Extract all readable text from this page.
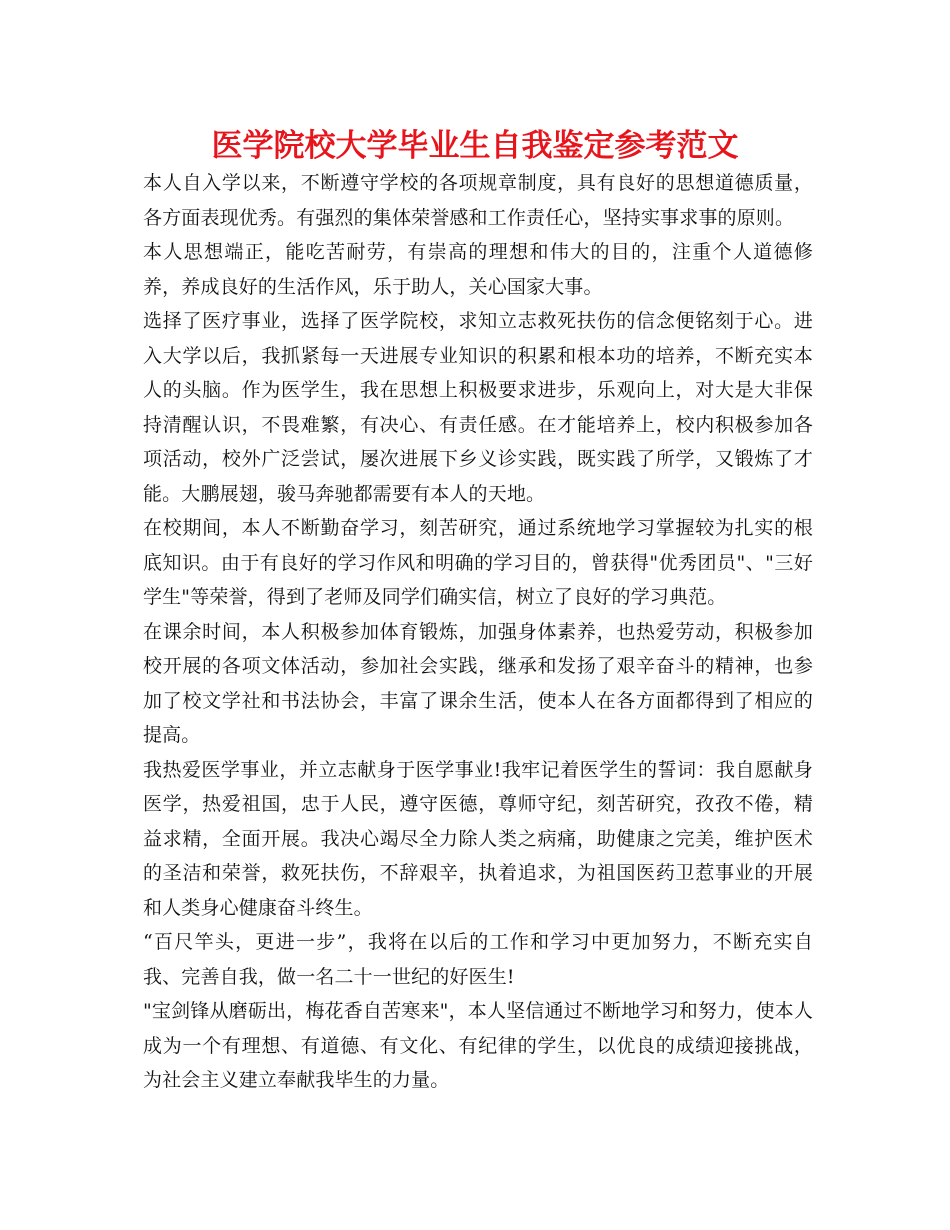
医学院校大学毕业生自我鉴定参考范文

本人自入学以来，不断遵守学校的各项规章制度，具有良好的思想道德质量，各方面表现优秀。有强烈的集体荣誉感和工作责任心，坚持实事求事的原则。

本人思想端正，能吃苦耐劳，有崇高的理想和伟大的目的，注重个人道德修养，养成良好的生活作风，乐于助人，关心国家大事。

选择了医疗事业，选择了医学院校，求知立志救死扶伤的信念便铭刻于心。进入大学以后，我抓紧每一天进展专业知识的积累和根本功的培养，不断充实本人的头脑。作为医学生，我在思想上积极要求进步，乐观向上，对大是大非保持清醒认识，不畏难繁，有决心、有责任感。在才能培养上，校内积极参加各项活动，校外广泛尝试，屡次进展下乡义诊实践，既实践了所学，又锻炼了才能。大鹏展翅，骏马奔驰都需要有本人的天地。

在校期间，本人不断勤奋学习，刻苦研究，通过系统地学习掌握较为扎实的根底知识。由于有良好的学习作风和明确的学习目的，曾获得"优秀团员"、"三好学生"等荣誉，得到了老师及同学们确实信，树立了良好的学习典范。

在课余时间，本人积极参加体育锻炼，加强身体素养，也热爱劳动，积极参加校开展的各项文体活动，参加社会实践，继承和发扬了艰辛奋斗的精神，也参加了校文学社和书法协会，丰富了课余生活，使本人在各方面都得到了相应的提高。

我热爱医学事业，并立志献身于医学事业!我牢记着医学生的誓词：我自愿献身医学，热爱祖国，忠于人民，遵守医德，尊师守纪，刻苦研究，孜孜不倦，精益求精，全面开展。我决心竭尽全力除人类之病痛，助健康之完美，维护医术的圣洁和荣誉，救死扶伤，不辞艰辛，执着追求，为祖国医药卫惹事业的开展和人类身心健康奋斗终生。

“百尺竿头，更进一步”，我将在以后的工作和学习中更加努力，不断充实自我、完善自我，做一名二十一世纪的好医生!

"宝剑锋从磨砺出，梅花香自苦寒来"，本人坚信通过不断地学习和努力，使本人成为一个有理想、有道德、有文化、有纪律的学生，以优良的成绩迎接挑战，为社会主义建立奉献我毕生的力量。
